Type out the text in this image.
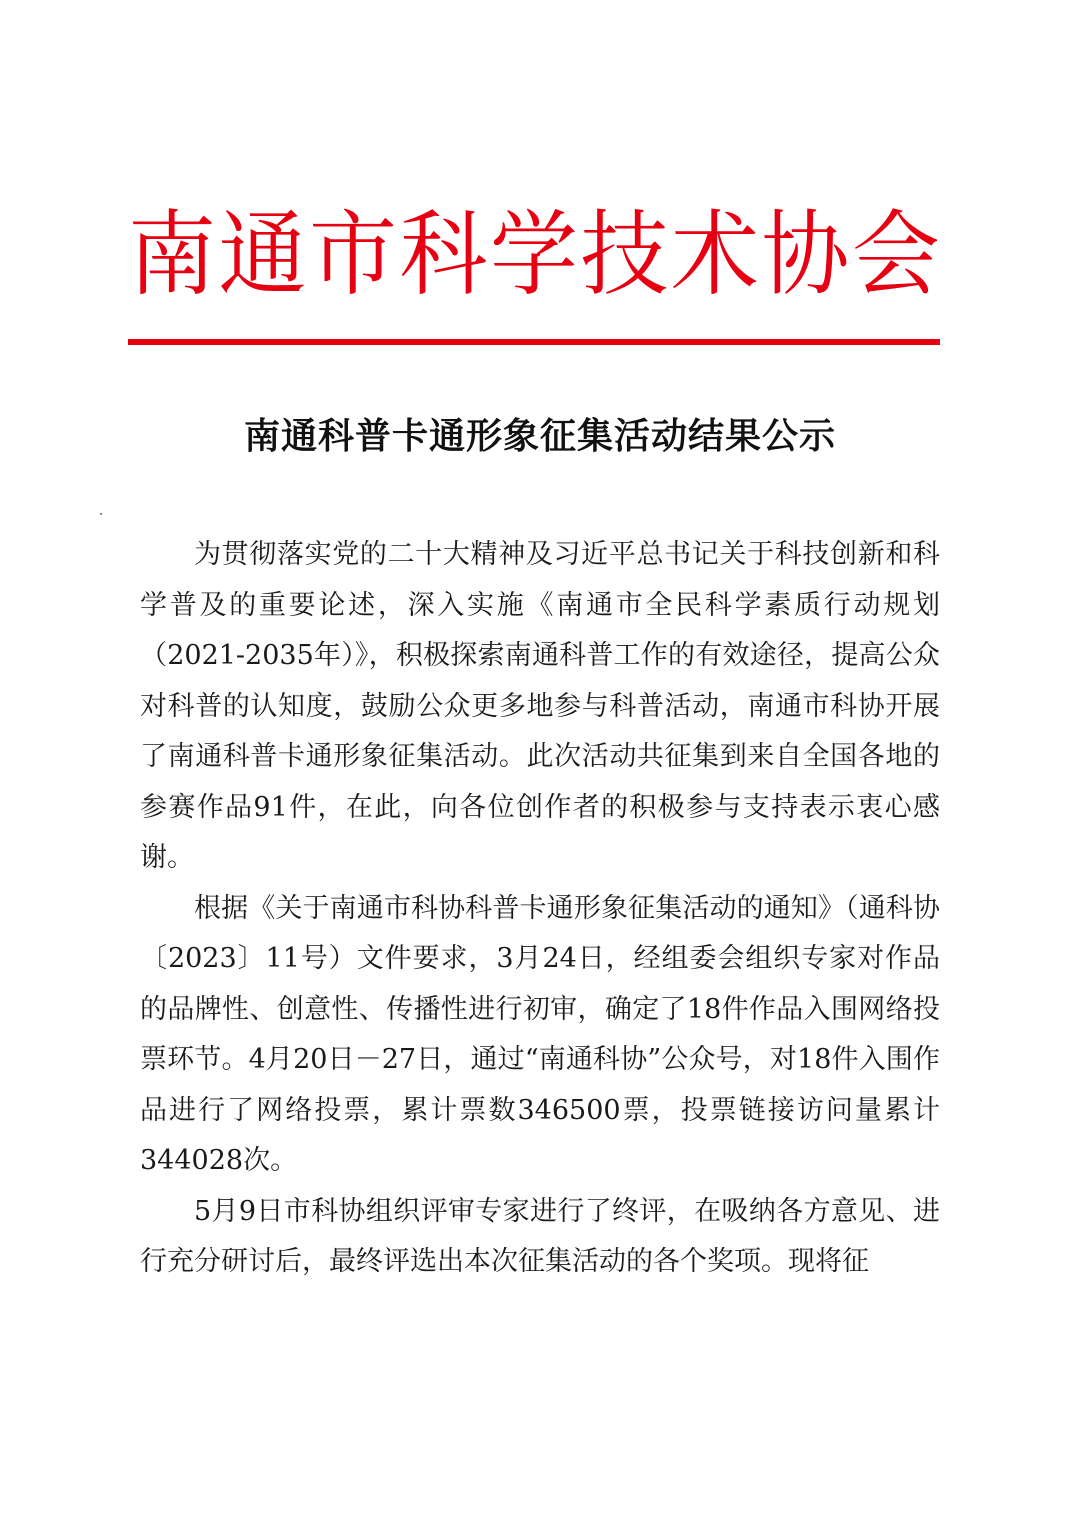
南 通 市 科 学 技 术 协 会
南通科普卡通形象征集活动结果公示

为贯彻落实党的二十大精神及习近平总书记关于科技创新和科学普及的重要论述，深入实施《南通市全民科学素质行动规划（2021-2035年）》，积极探索南通科普工作的有效途径，提高公众对科普的认知度，鼓励公众更多地参与科普活动，南通市科协开展了南通科普卡通形象征集活动。此次活动共征集到来自全国各地的参赛作品91件，在此，向各位创作者的积极参与支持表示衷心感谢。

根据《关于南通市科协科普卡通形象征集活动的通知》（通科协〔2023〕11号）文件要求，3月24日，经组委会组织专家对作品的品牌性、创意性、传播性进行初审，确定了18件作品入围网络投票环节。4月20日－27日，通过“南通科协”公众号，对18件入围作品进行了网络投票，累计票数346500票，投票链接访问量累计344028次。

5月9日市科协组织评审专家进行了终评，在吸纳各方意见、进行充分研讨后，最终评选出本次征集活动的各个奖项。现将征
